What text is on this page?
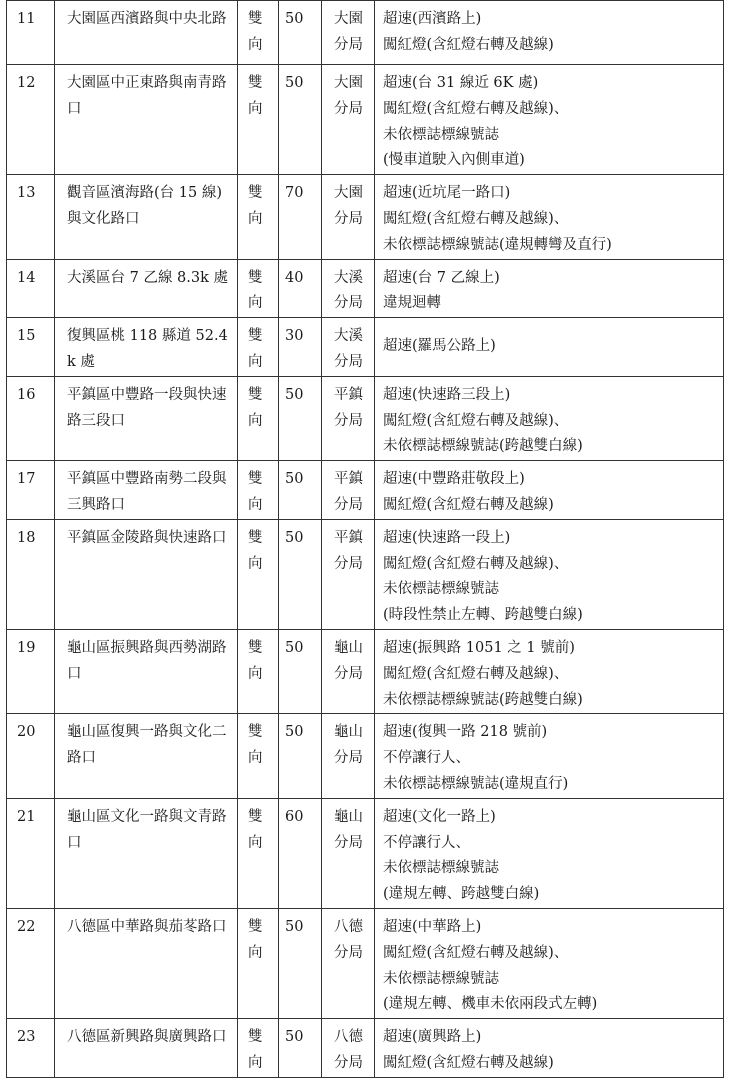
11	大園區西濱路與中央北路	雙向	50	大園分局	超速(西濱路上)
闖紅燈(含紅燈右轉及越線)

12	大園區中正東路與南青路口	雙向	50	大園分局	超速(台 31 線近 6K 處)
闖紅燈(含紅燈右轉及越線)、
未依標誌標線號誌
(慢車道駛入內側車道)

13	觀音區濱海路(台 15 線)與文化路口	雙向	70	大園分局	超速(近坑尾一路口)
闖紅燈(含紅燈右轉及越線)、
未依標誌標線號誌(違規轉彎及直行)

14	大溪區台 7 乙線 8.3k 處	雙向	40	大溪分局	超速(台 7 乙線上)
違規迴轉

15	復興區桃 118 縣道 52.4k 處	雙向	30	大溪分局	超速(羅馬公路上)

16	平鎮區中豐路一段與快速路三段口	雙向	50	平鎮分局	超速(快速路三段上)
闖紅燈(含紅燈右轉及越線)、
未依標誌標線號誌(跨越雙白線)

17	平鎮區中豐路南勢二段與三興路口	雙向	50	平鎮分局	超速(中豐路莊敬段上)
闖紅燈(含紅燈右轉及越線)

18	平鎮區金陵路與快速路口	雙向	50	平鎮分局	超速(快速路一段上)
闖紅燈(含紅燈右轉及越線)、
未依標誌標線號誌
(時段性禁止左轉、跨越雙白線)

19	龜山區振興路與西勢湖路口	雙向	50	龜山分局	超速(振興路 1051 之 1 號前)
闖紅燈(含紅燈右轉及越線)、
未依標誌標線號誌(跨越雙白線)

20	龜山區復興一路與文化二路口	雙向	50	龜山分局	超速(復興一路 218 號前)
不停讓行人、
未依標誌標線號誌(違規直行)

21	龜山區文化一路與文青路口	雙向	60	龜山分局	超速(文化一路上)
不停讓行人、
未依標誌標線號誌
(違規左轉、跨越雙白線)

22	八德區中華路與茄苳路口	雙向	50	八德分局	超速(中華路上)
闖紅燈(含紅燈右轉及越線)、
未依標誌標線號誌
(違規左轉、機車未依兩段式左轉)

23	八德區新興路與廣興路口	雙向	50	八德分局	超速(廣興路上)
闖紅燈(含紅燈右轉及越線)
